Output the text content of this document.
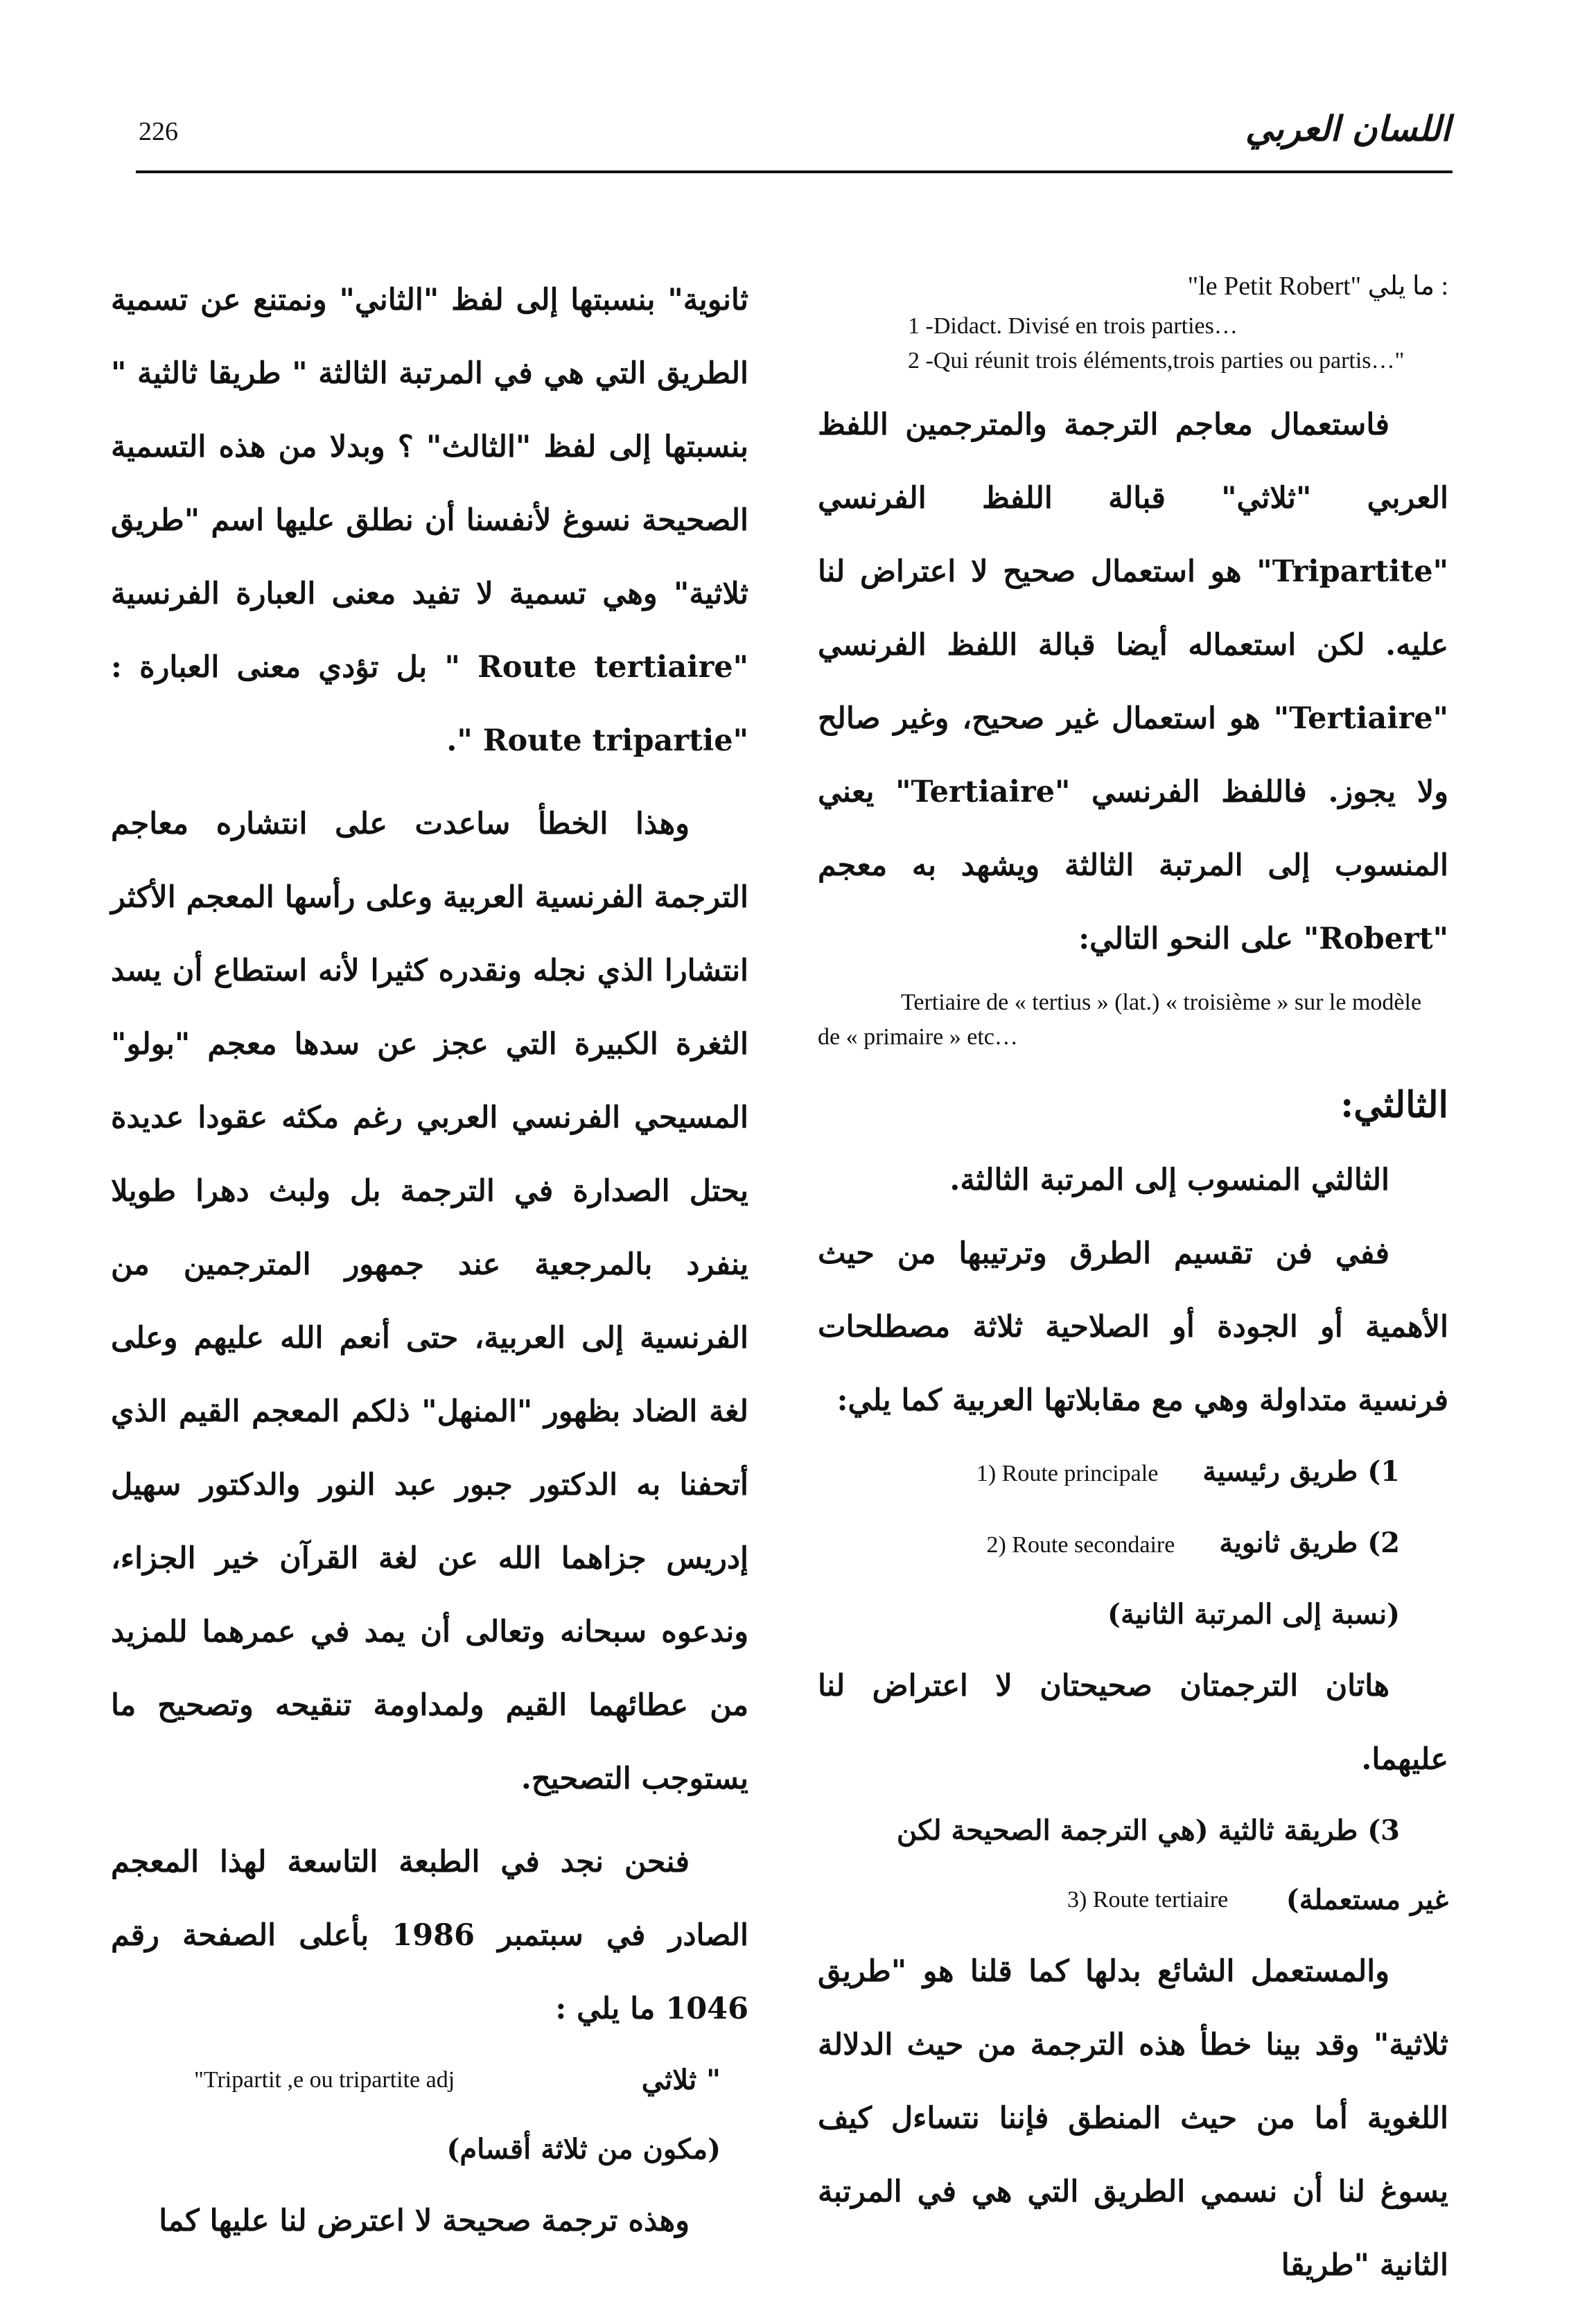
226	اللسان العربي

"le Petit Robert" ما يلي :

1 -Didact. Divisé en trois parties…

2 -Qui réunit trois éléments,trois parties ou partis…"

فاستعمال معاجم الترجمة والمترجمين اللفظ العربي "ثلاثي" قبالة اللفظ الفرنسي "Tripartite" هو استعمال صحيح لا اعتراض لنا عليه. لكن استعماله أيضا قبالة اللفظ الفرنسي "Tertiaire" هو استعمال غير صحيح، وغير صالح ولا يجوز. فاللفظ الفرنسي "Tertiaire" يعني المنسوب إلى المرتبة الثالثة ويشهد به معجم "Robert" على النحو التالي:

Tertiaire de « tertius » (lat.) « troisième » sur le modèle de « primaire » etc…

الثالثي:

الثالثي المنسوب إلى المرتبة الثالثة.

ففي فن تقسيم الطرق وترتيبها من حيث الأهمية أو الجودة أو الصلاحية ثلاثة مصطلحات فرنسية متداولة وهي مع مقابلاتها العربية كما يلي:

1) طريق رئيسية 1) Route principale
2) طريق ثانوية 2) Route secondaire
(نسبة إلى المرتبة الثانية)

هاتان الترجمتان صحيحتان لا اعتراض لنا عليهما.

3) طريقة ثالثية (هي الترجمة الصحيحة لكن
غير مستعملة)
3) Route tertiaire

والمستعمل الشائع بدلها كما قلنا هو "طريق ثلاثية" وقد بينا خطأ هذه الترجمة من حيث الدلالة اللغوية أما من حيث المنطق فإننا نتساءل كيف يسوغ لنا أن نسمي الطريق التي هي في المرتبة الثانية "طريقا

ثانوية" بنسبتها إلى لفظ "الثاني" ونمتنع عن تسمية الطريق التي هي في المرتبة الثالثة " طريقا ثالثية " بنسبتها إلى لفظ "الثالث" ؟ وبدلا من هذه التسمية الصحيحة نسوغ لأنفسنا أن نطلق عليها اسم "طريق ثلاثية" وهي تسمية لا تفيد معنى العبارة الفرنسية "Route tertiaire " بل تؤدي معنى العبارة : "Route tripartie ".

وهذا الخطأ ساعدت على انتشاره معاجم الترجمة الفرنسية العربية وعلى رأسها المعجم الأكثر انتشارا الذي نجله ونقدره كثيرا لأنه استطاع أن يسد الثغرة الكبيرة التي عجز عن سدها معجم "بولو" المسيحي الفرنسي العربي رغم مكثه عقودا عديدة يحتل الصدارة في الترجمة بل ولبث دهرا طويلا ينفرد بالمرجعية عند جمهور المترجمين من الفرنسية إلى العربية، حتى أنعم الله عليهم وعلى لغة الضاد بظهور "المنهل" ذلكم المعجم القيم الذي أتحفنا به الدكتور جبور عبد النور والدكتور سهيل إدريس جزاهما الله عن لغة القرآن خير الجزاء، وندعوه سبحانه وتعالى أن يمد في عمرهما للمزيد من عطائهما القيم ولمداومة تنقيحه وتصحيح ما يستوجب التصحيح.

فنحن نجد في الطبعة التاسعة لهذا المعجم الصادر في سبتمبر 1986 بأعلى الصفحة رقم 1046 ما يلي :

" ثلاثي
"Tripartit ,e ou tripartite adj
(مكون من ثلاثة أقسام)

وهذه ترجمة صحيحة لا اعترض لنا عليها كما
